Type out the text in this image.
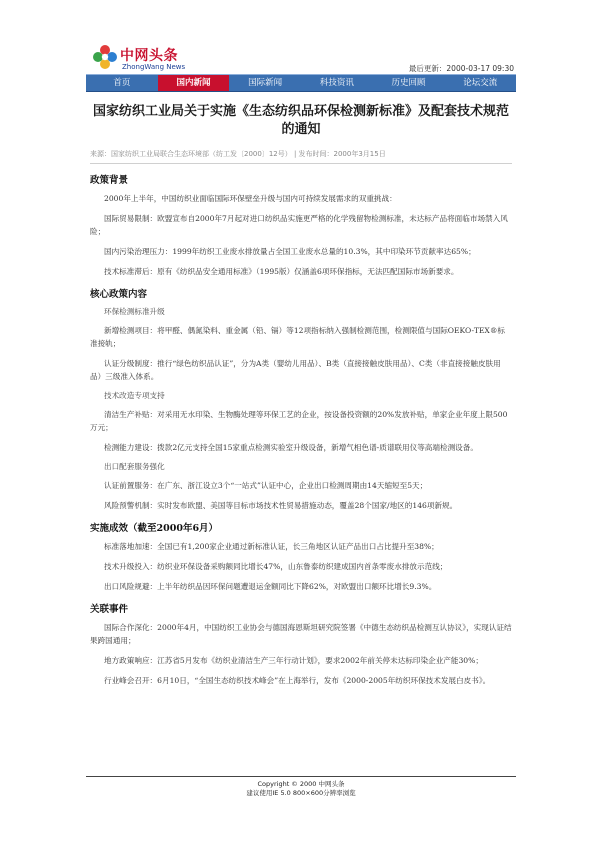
中网头条
ZhongWang News	最后更新：2000-03-17 09:30
首页	国内新闻	国际新闻	科技资讯	历史回顾	论坛交流
国家纺织工业局关于实施《生态纺织品环保检测新标准》及配套技术规范的通知
来源：国家纺织工业局联合生态环境部（纺工发〔2000〕12号） | 发布时间：2000年3月15日
政策背景
2000年上半年，中国纺织业面临国际环保壁垒升级与国内可持续发展需求的双重挑战：
国际贸易限制：欧盟宣布自2000年7月起对进口纺织品实施更严格的化学残留物检测标准，未达标产品将面临市场禁入风险；
国内污染治理压力：1999年纺织工业废水排放量占全国工业废水总量的10.3%，其中印染环节贡献率达65%；
技术标准滞后：原有《纺织品安全通用标准》（1995版）仅涵盖6项环保指标，无法匹配国际市场新要求。
核心政策内容
环保检测标准升级
新增检测项目：将甲醛、偶氮染料、重金属（铅、镉）等12项指标纳入强制检测范围，检测限值与国际OEKO-TEX®标准接轨；
认证分级制度：推行“绿色纺织品认证”，分为A类（婴幼儿用品）、B类（直接接触皮肤用品）、C类（非直接接触皮肤用品）三级准入体系。
技术改造专项支持
清洁生产补贴：对采用无水印染、生物酶处理等环保工艺的企业，按设备投资额的20%发放补贴，单家企业年度上限500万元；
检测能力建设：拨款2亿元支持全国15家重点检测实验室升级设备，新增气相色谱-质谱联用仪等高端检测设备。
出口配套服务强化
认证前置服务：在广东、浙江设立3个“一站式”认证中心，企业出口检测周期由14天缩短至5天；
风险预警机制：实时发布欧盟、美国等目标市场技术性贸易措施动态，覆盖28个国家/地区的146项新规。
实施成效（截至2000年6月）
标准落地加速：全国已有1,200家企业通过新标准认证，长三角地区认证产品出口占比提升至38%；
技术升级投入：纺织业环保设备采购额同比增长47%，山东鲁泰纺织建成国内首条零废水排放示范线；
出口风险规避：上半年纺织品因环保问题遭退运金额同比下降62%，对欧盟出口额环比增长9.3%。
关联事件
国际合作深化：2000年4月，中国纺织工业协会与德国海恩斯坦研究院签署《中德生态纺织品检测互认协议》，实现认证结果跨国通用；
地方政策响应：江苏省5月发布《纺织业清洁生产三年行动计划》，要求2002年前关停未达标印染企业产能30%；
行业峰会召开：6月10日，“全国生态纺织技术峰会”在上海举行，发布《2000-2005年纺织环保技术发展白皮书》。
Copyright © 2000 中网头条
建议使用IE 5.0 800×600分辨率浏览
